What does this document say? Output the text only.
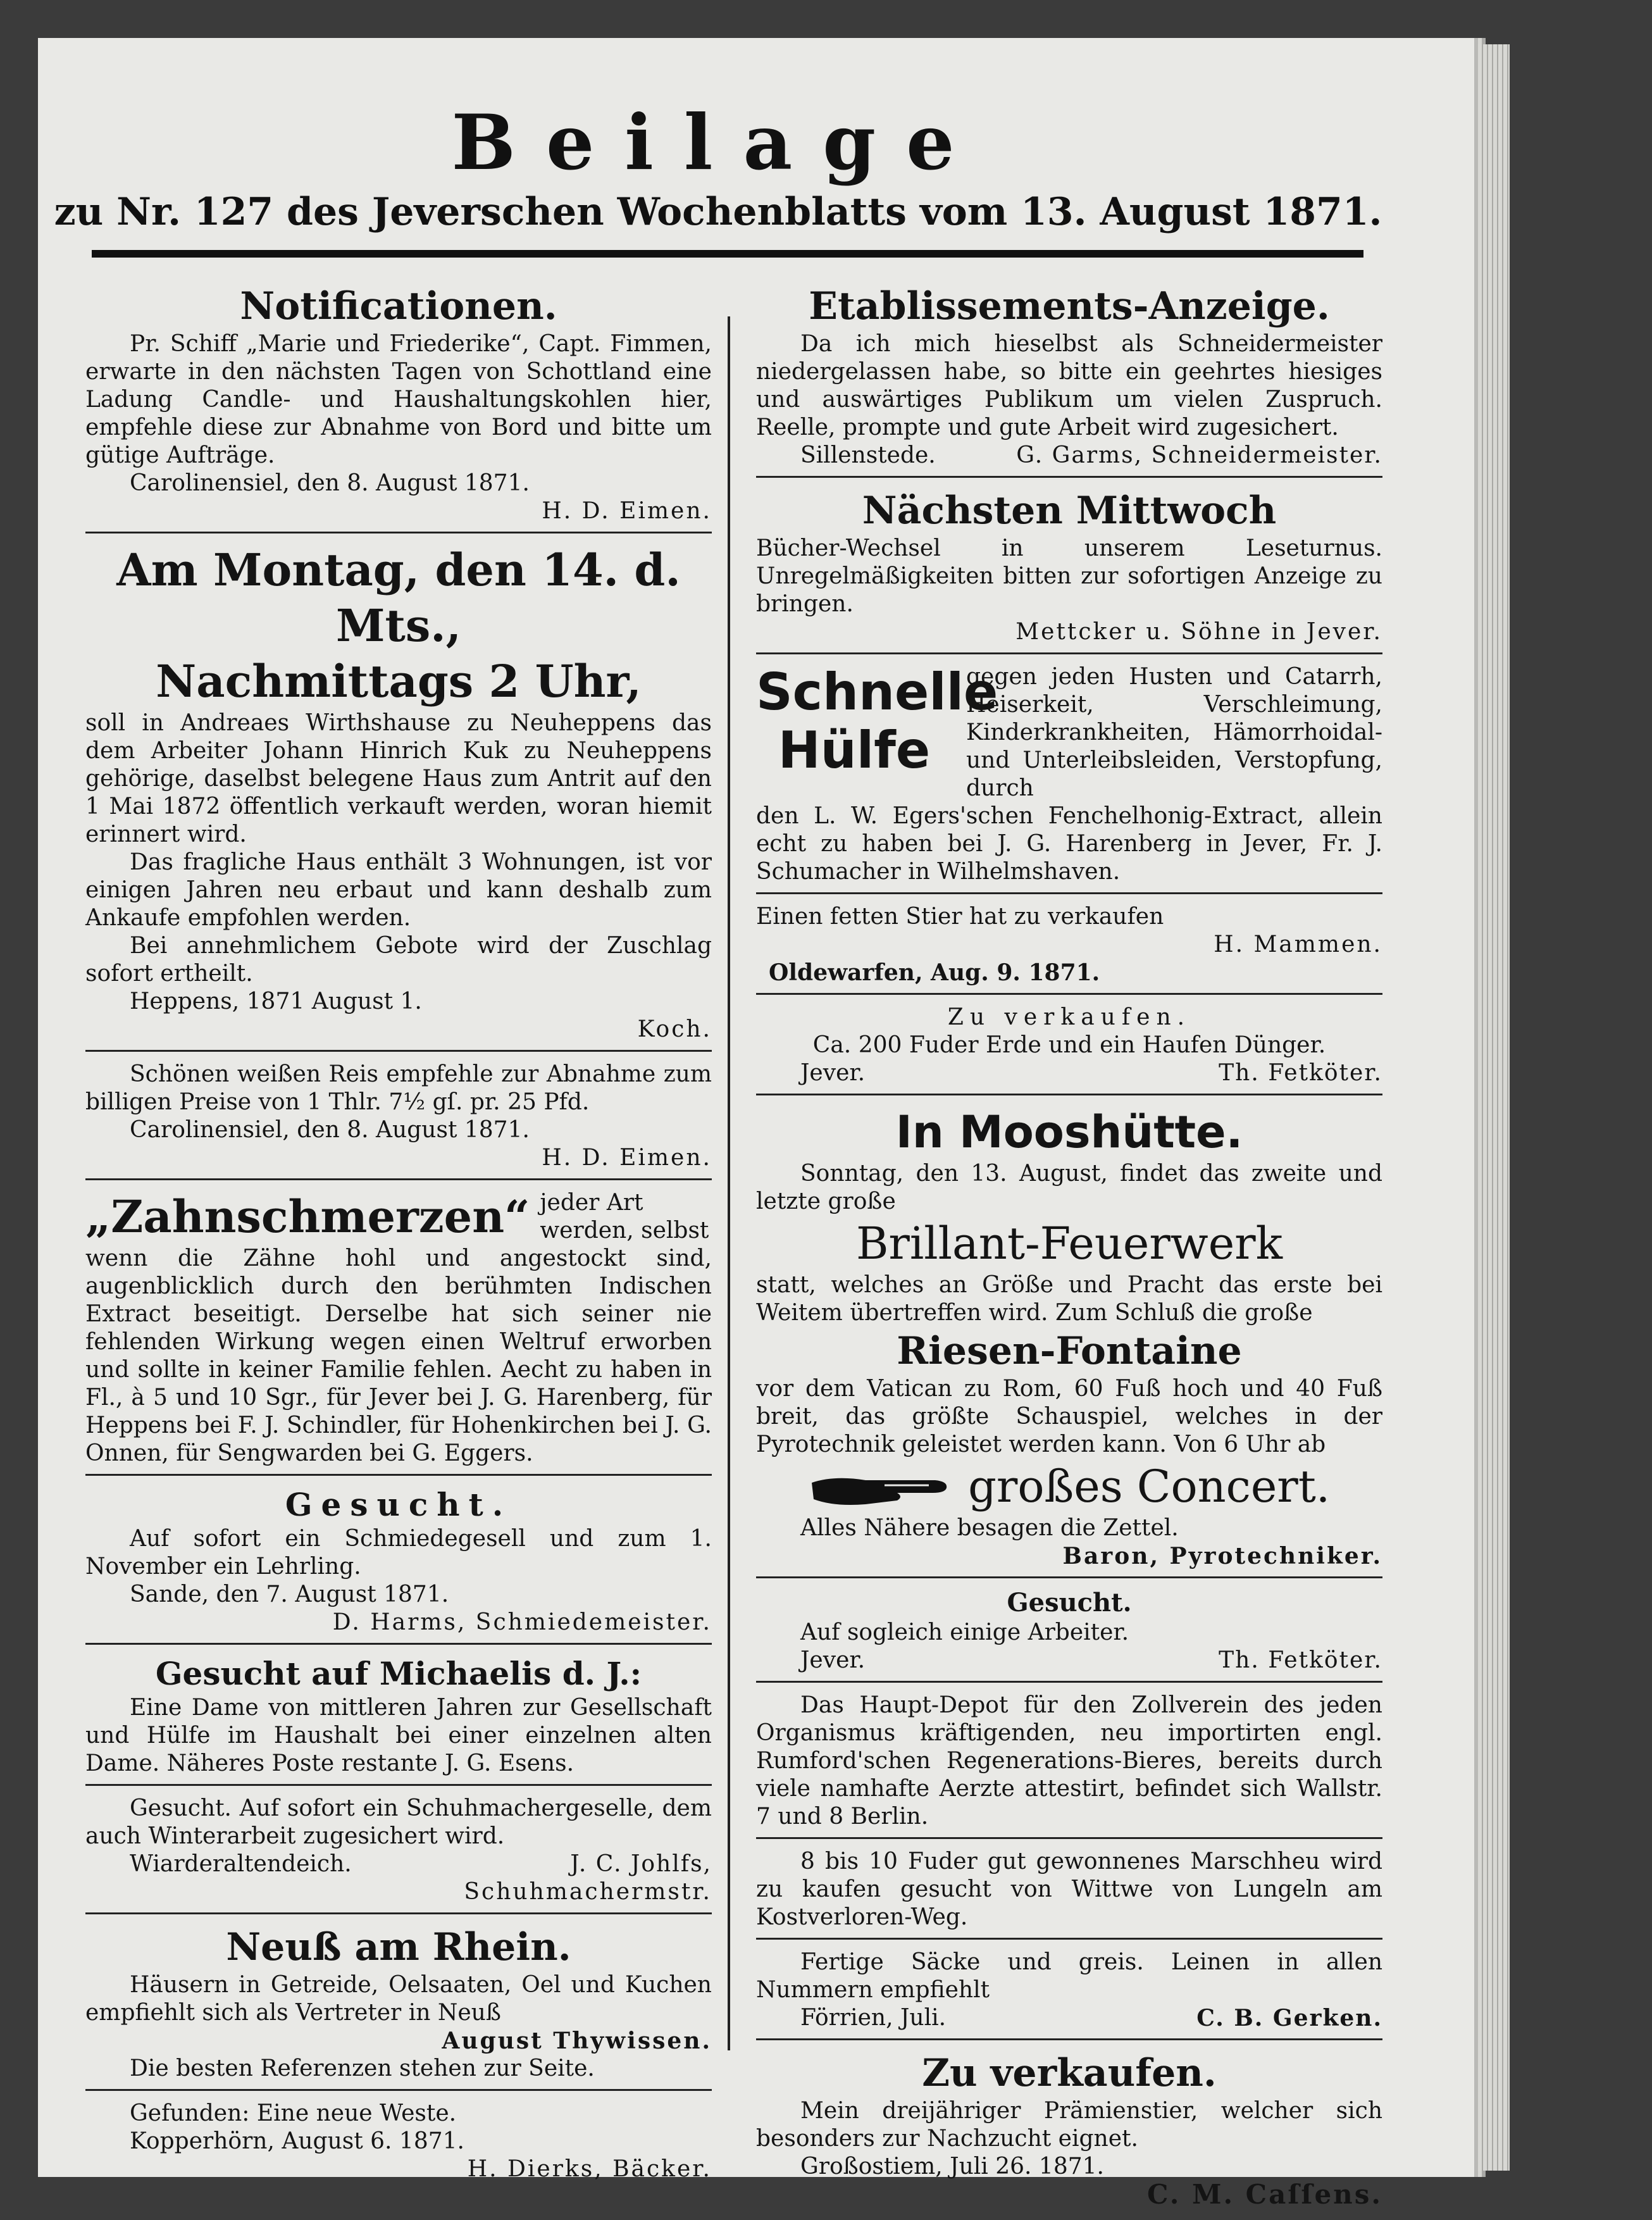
Beilage
zu Nr. 127 des Jeverschen Wochenblatts vom 13. August 1871.
Notificationen.

Pr. Schiff „Marie und Friederike“, Capt. Fimmen, erwarte in den nächsten Tagen von Schottland eine Ladung Candle- und Haushaltungskohlen hier, empfehle diese zur Abnahme von Bord und bitte um gütige Aufträge.

Carolinensiel, den 8. August 1871.
H. D. Eimen.
Am Montag, den 14. d. Mts.,
Nachmittags 2 Uhr,

soll in Andreaes Wirthshause zu Neuheppens das dem Arbeiter Johann Hinrich Kuk zu Neuheppens gehörige, daselbst belegene Haus zum Antrit auf den 1 Mai 1872 öffentlich verkauft werden, woran hiemit erinnert wird.

Das fragliche Haus enthält 3 Wohnungen, ist vor einigen Jahren neu erbaut und kann deshalb zum Ankaufe empfohlen werden.

Bei annehmlichem Gebote wird der Zuschlag sofort ertheilt.

Heppens, 1871 August 1.
Koch.

Schönen weißen Reis empfehle zur Abnahme zum billigen Preise von 1 Thlr. 7½ gſ. pr. 25 Pfd.

Carolinensiel, den 8. August 1871.
H. D. Eimen.
„Zahnschmerzen“ jeder Art werden, selbst

wenn die Zähne hohl und angestockt sind, augenblicklich durch den berühmten Indischen Extract beseitigt. Derselbe hat sich seiner nie fehlenden Wirkung wegen einen Weltruf erworben und sollte in keiner Familie fehlen. Aecht zu haben in Fl., à 5 und 10 Sgr., für Jever bei J. G. Harenberg, für Heppens bei F. J. Schindler, für Hohenkirchen bei J. G. Onnen, für Sengwarden bei G. Eggers.

Gesucht.

Auf sofort ein Schmiedegesell und zum 1. November ein Lehrling.

Sande, den 7. August 1871.
D. Harms, Schmiedemeister.
Gesucht auf Michaelis d. J.:

Eine Dame von mittleren Jahren zur Gesellschaft und Hülfe im Haushalt bei einer einzelnen alten Dame. Näheres Poste restante J. G. Esens.

Gesucht. Auf sofort ein Schuhmachergeselle, dem auch Winterarbeit zugesichert wird.

Wiarderaltendeich.	J. C. Johlfs,
Schuhmachermstr.
Neuß am Rhein.

Häusern in Getreide, Oelsaaten, Oel und Kuchen empfiehlt sich als Vertreter in Neuß

August Thywissen.
Die besten Referenzen stehen zur Seite.

Gefunden: Eine neue Weste.

Kopperhörn, August 6. 1871.
H. Dierks, Bäcker.
Etablissements-Anzeige.

Da ich mich hieselbst als Schneidermeister niedergelassen habe, so bitte ein geehrtes hiesiges und auswärtiges Publikum um vielen Zuspruch. Reelle, prompte und gute Arbeit wird zugesichert.

Sillenstede.	G. Garms, Schneidermeister.
Nächsten Mittwoch

Bücher-Wechsel in unserem Leseturnus. Unregelmäßigkeiten bitten zur sofortigen Anzeige zu bringen.

Mettcker u. Söhne in Jever.
Schnelle
Hülfe
gegen jeden Husten und Catarrh, Heiserkeit, Verschleimung, Kinderkrankheiten, Hämorrhoidal- und Unterleibsleiden, Verstopfung, durch

den L. W. Egers'schen Fenchelhonig-Extract, allein echt zu haben bei J. G. Harenberg in Jever, Fr. J. Schumacher in Wilhelmshaven.

Einen fetten Stier hat zu verkaufen

H. Mammen.
Oldewarfen, Aug. 9. 1871.
Zu verkaufen.
Ca. 200 Fuder Erde und ein Haufen Dünger.
Jever.	Th. Fetköter.
In Mooshütte.

Sonntag, den 13. August, findet das zweite und letzte große

Brillant-Feuerwerk

statt, welches an Größe und Pracht das erste bei Weitem übertreffen wird. Zum Schluß die große

Riesen-Fontaine

vor dem Vatican zu Rom, 60 Fuß hoch und 40 Fuß breit, das größte Schauspiel, welches in der Pyrotechnik geleistet werden kann. Von 6 Uhr ab

großes Concert.
Alles Nähere besagen die Zettel.
Baron, Pyrotechniker.
Gesucht.

Auf sogleich einige Arbeiter.

Jever.	Th. Fetköter.

Das Haupt-Depot für den Zollverein des jeden Organismus kräftigenden, neu importirten engl. Rumford'schen Regenerations-Bieres, bereits durch viele namhafte Aerzte attestirt, befindet sich Wallstr. 7 und 8 Berlin.

8 bis 10 Fuder gut gewonnenes Marschheu wird zu kaufen gesucht von Wittwe von Lungeln am Kostverloren-Weg.

Fertige Säcke und greis. Leinen in allen Nummern empfiehlt

Förrien, Juli.	C. B. Gerken.
Zu verkaufen.

Mein dreijähriger Prämienstier, welcher sich besonders zur Nachzucht eignet.

Großostiem, Juli 26. 1871.
C. M. Caſſens.
